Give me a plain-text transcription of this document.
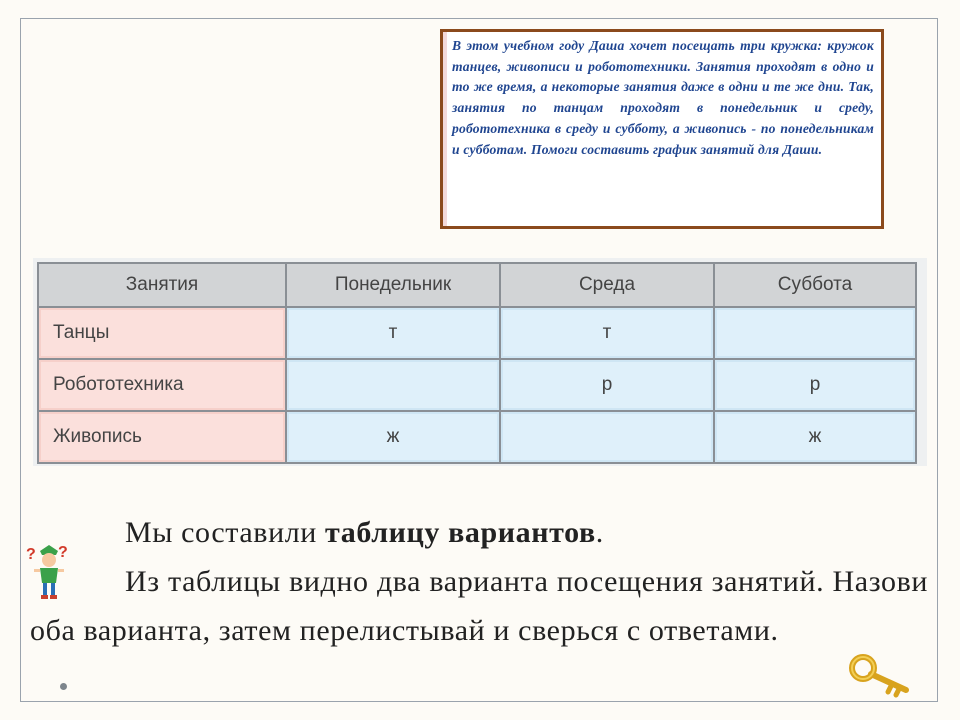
В этом учебном году Даша хочет посещать три кружка: кружок танцев, живописи и робототехники. Занятия проходят в одно и то же время, а некоторые занятия даже в одни и те же дни. Так, занятия по танцам проходят в понедельник и среду, робототехника в среду и субботу, а живопись - по понедельникам и субботам. Помоги составить график занятий для Даши.

Занятия	Понедельник	Среда	Суббота
Танцы	т	т	
Робототехника		р	р
Живопись	ж		ж

Мы составили таблицу вариантов.

Из таблицы видно два варианта посещения занятий. Назови оба варианта, затем перелистывай и сверься с ответами.

? ?
